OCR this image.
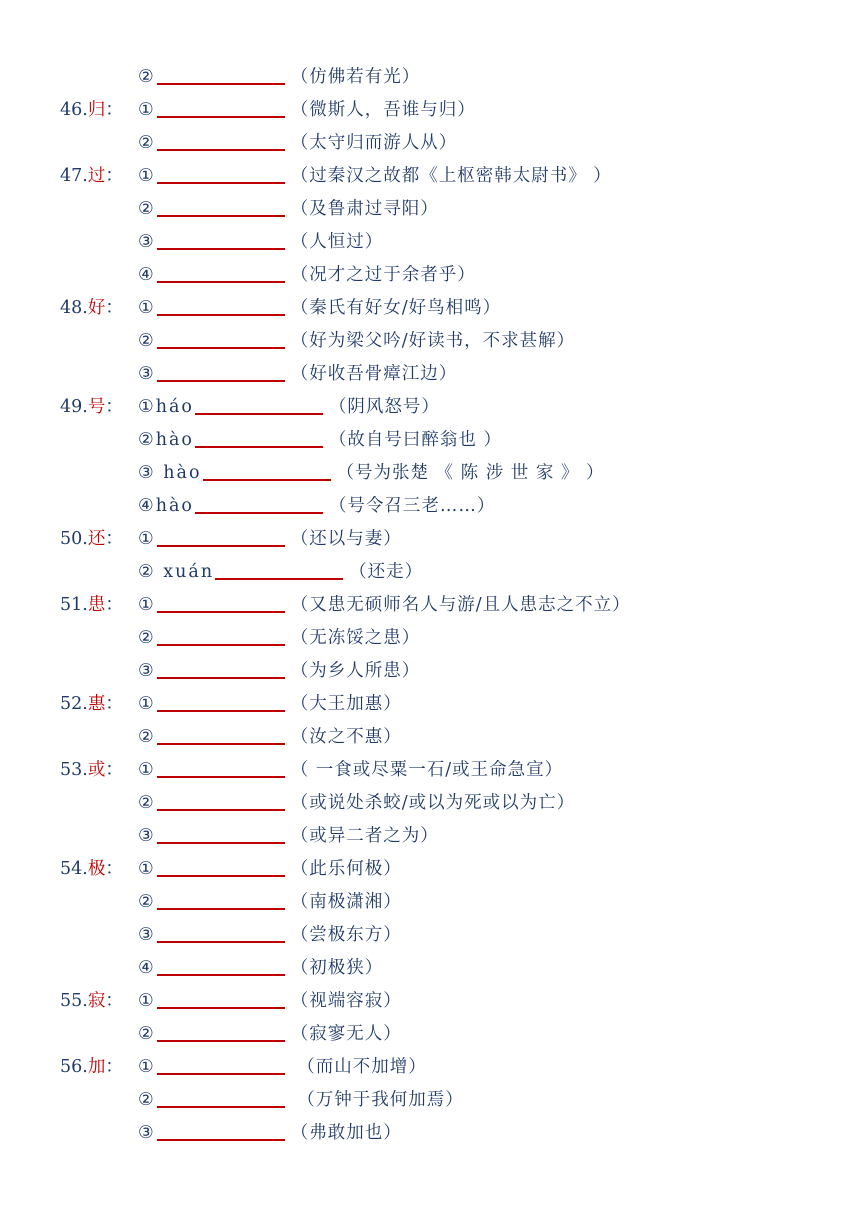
②	（仿佛若有光）
46.归： ①	（微斯人，吾谁与归）
②	（太守归而游人从）
47.过： ①	（过秦汉之故都《上枢密韩太尉书》 ）
②	（及鲁肃过寻阳）
③	（人恒过）
④	（况才之过于余者乎）
48.好： ①	（秦氏有好女/好鸟相鸣）
②	（好为梁父吟/好读书，不求甚解）
③	（好收吾骨瘴江边）
49.号： ①háo	（阴风怒号）
②hào	（故自号曰醉翁也 ）
③ hào	（号为张楚 《 陈 涉 世 家 》 ）
④hào	（号令召三老……）
50.还： ①	（还以与妻）
② xuán	（还走）
51.患： ①	（又患无硕师名人与游/且人患志之不立）
②	（无冻馁之患）
③	（为乡人所患）
52.惠： ①	（大王加惠）
②	（汝之不惠）
53.或： ①	（ 一食或尽粟一石/或王命急宣）
②	（或说处杀蛟/或以为死或以为亡）
③	（或异二者之为）
54.极： ①	（此乐何极）
②	（南极潇湘）
③	（尝极东方）
④	（初极狭）
55.寂： ①	（视端容寂）
②	（寂寥无人）
56.加： ①	（而山不加增）
②	（万钟于我何加焉）
③	（弗敢加也）
